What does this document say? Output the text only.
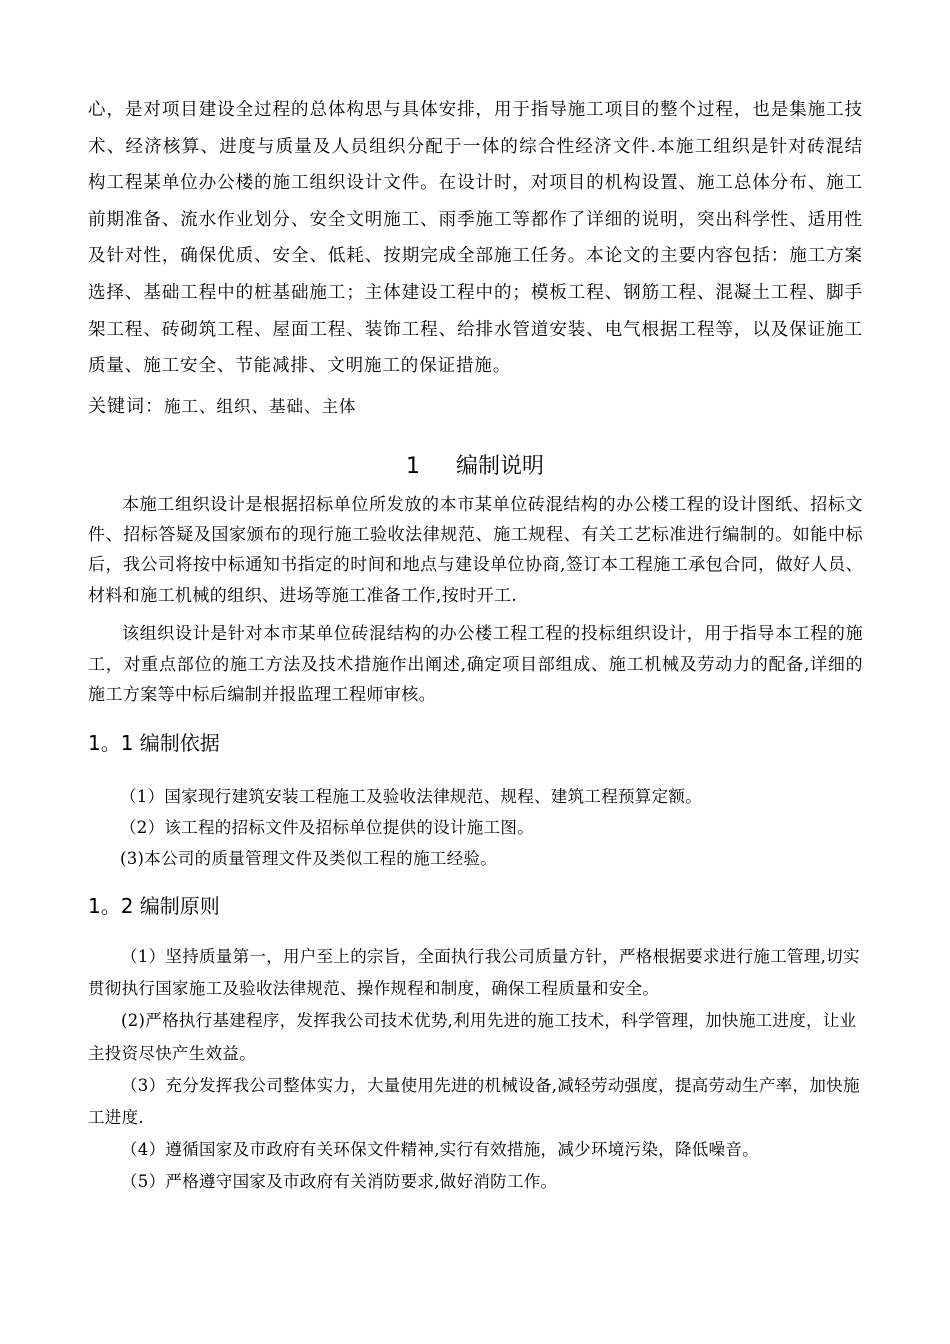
心，是对项目建设全过程的总体构思与具体安排，用于指导施工项目的整个过程，也是集施工技术、经济核算、进度与质量及人员组织分配于一体的综合性经济文件.本施工组织是针对砖混结构工程某单位办公楼的施工组织设计文件。在设计时，对项目的机构设置、施工总体分布、施工前期准备、流水作业划分、安全文明施工、雨季施工等都作了详细的说明，突出科学性、适用性及针对性，确保优质、安全、低耗、按期完成全部施工任务。本论文的主要内容包括：施工方案选择、基础工程中的桩基础施工；主体建设工程中的；模板工程、钢筋工程、混凝土工程、脚手架工程、砖砌筑工程、屋面工程、装饰工程、给排水管道安装、电气根据工程等，以及保证施工质量、施工安全、节能减排、文明施工的保证措施。

关键词：施工、组织、基础、主体
1 编制说明

本施工组织设计是根据招标单位所发放的本市某单位砖混结构的办公楼工程的设计图纸、招标文件、招标答疑及国家颁布的现行施工验收法律规范、施工规程、有关工艺标准进行编制的。如能中标后，我公司将按中标通知书指定的时间和地点与建设单位协商,签订本工程施工承包合同，做好人员、材料和施工机械的组织、进场等施工准备工作,按时开工.

该组织设计是针对本市某单位砖混结构的办公楼工程工程的投标组织设计，用于指导本工程的施工，对重点部位的施工方法及技术措施作出阐述,确定项目部组成、施工机械及劳动力的配备,详细的施工方案等中标后编制并报监理工程师审核。

1。1 编制依据
（1）国家现行建筑安装工程施工及验收法律规范、规程、建筑工程预算定额。
（2）该工程的招标文件及招标单位提供的设计施工图。
(3)本公司的质量管理文件及类似工程的施工经验。
1。2 编制原则

（1）坚持质量第一，用户至上的宗旨，全面执行我公司质量方针，严格根据要求进行施工管理,切实贯彻执行国家施工及验收法律规范、操作规程和制度，确保工程质量和安全。

(2)严格执行基建程序，发挥我公司技术优势,利用先进的施工技术，科学管理，加快施工进度，让业主投资尽快产生效益。

（3）充分发挥我公司整体实力，大量使用先进的机械设备,减轻劳动强度，提高劳动生产率，加快施工进度.

（4）遵循国家及市政府有关环保文件精神,实行有效措施，减少环境污染，降低噪音。

（5）严格遵守国家及市政府有关消防要求,做好消防工作。
